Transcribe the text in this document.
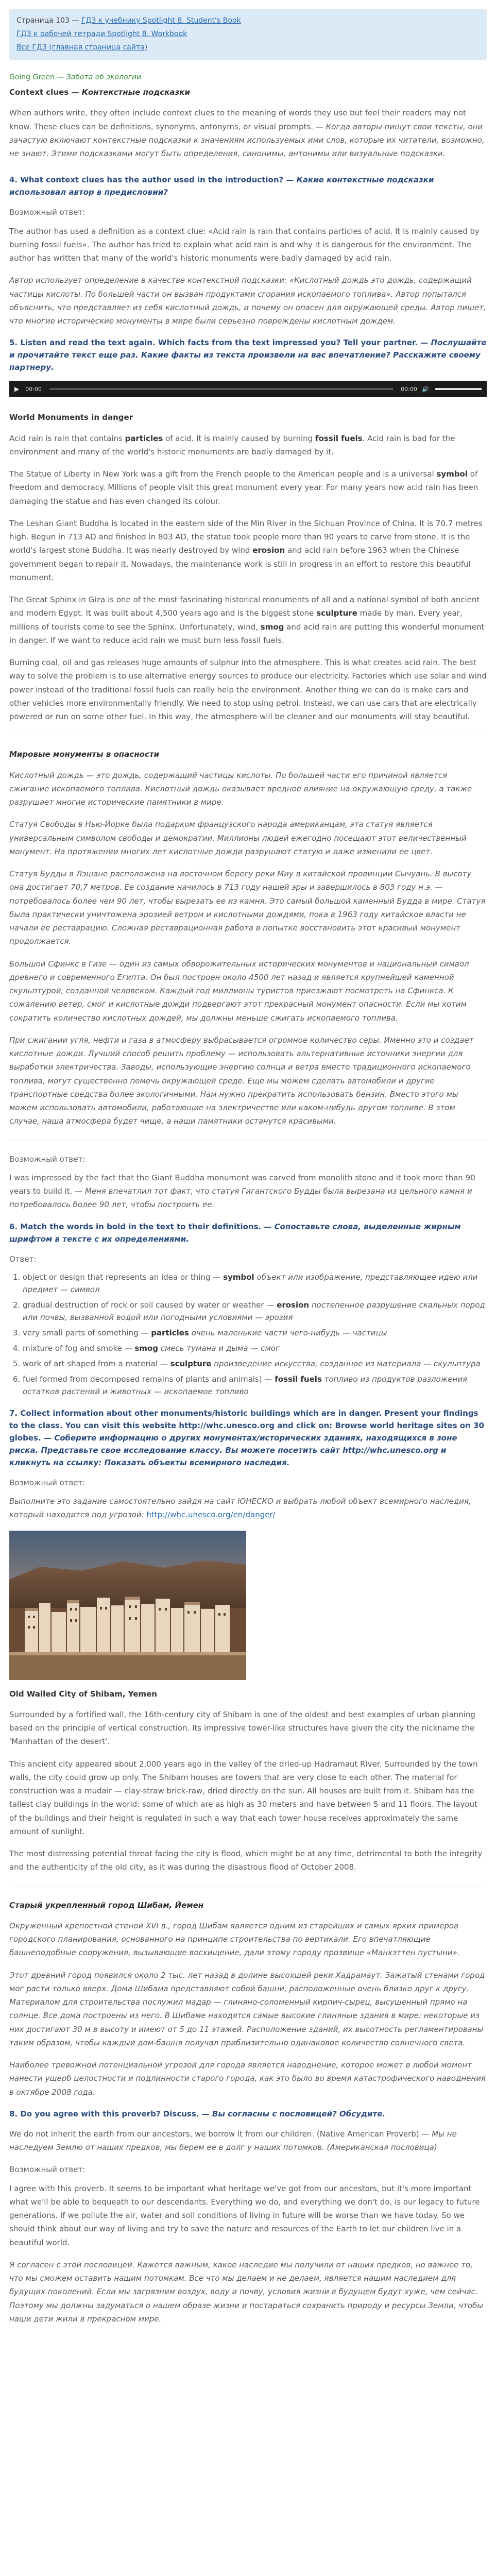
Страница 103 — ГДЗ к учебнику Spotlight 8. Student's Book
ГДЗ к рабочей тетради Spotlight 8. Workbook
Все ГДЗ (главная страница сайта)
Going Green — Забота об экологии
Context clues — Контекстные подсказки

When authors write, they often include context clues to the meaning of words they use but feel their readers may not know. These clues can be definitions, synonyms, antonyms, or visual prompts. — Когда авторы пишут свои тексты, они зачастую включают контекстные подсказки к значениям используемых ими слов, которые их читатели, возможно, не знают. Этими подсказками могут быть определения, синонимы, антонимы или визуальные подсказки.

4. What context clues has the author used in the introduction? — Какие контекстные подсказки использовал автор в предисловии?

Возможный ответ:

The author has used a definition as a context clue: «Acid rain is rain that contains particles of acid. It is mainly caused by burning fossil fuels». The author has tried to explain what acid rain is and why it is dangerous for the environment. The author has written that many of the world's historic monuments were badly damaged by acid rain.

Автор использует определение в качестве контекстной подсказки: «Кислотный дождь это дождь, содержащий частицы кислоты. По большей части он вызван продуктами сгорания ископаемого топлива». Автор попытался объяснить, что представляет из себя кислотный дождь, и почему он опасен для окружающей среды. Автор пишет, что многие исторические монументы в мире были серьезно повреждены кислотным дождем.

5. Listen and read the text again. Which facts from the text impressed you? Tell your partner. — Послушайте и прочитайте текст еще раз. Какие факты из текста произвели на вас впечатление? Расскажите своему партнеру.
▶	00:00	00:00 🔊
World Monuments in danger

Acid rain is rain that contains particles of acid. It is mainly caused by burning fossil fuels. Acid rain is bad for the environment and many of the world's historic monuments are badly damaged by it.

The Statue of Liberty in New York was a gift from the French people to the American people and is a universal symbol of freedom and democracy. Millions of people visit this great monument every year. For many years now acid rain has been damaging the statue and has even changed its colour.

The Leshan Giant Buddha is located in the eastern side of the Min River in the Sichuan Province of China. It is 70.7 metres high. Begun in 713 AD and finished in 803 AD, the statue took people more than 90 years to carve from stone. It is the world's largest stone Buddha. It was nearly destroyed by wind erosion and acid rain before 1963 when the Chinese government began to repair it. Nowadays, the maintenance work is still in progress in an effort to restore this beautiful monument.

The Great Sphinx in Giza is one of the most fascinating historical monuments of all and a national symbol of both ancient and modern Egypt. It was built about 4,500 years ago and is the biggest stone sculpture made by man. Every year, millions of tourists come to see the Sphinx. Unfortunately, wind, smog and acid rain are putting this wonderful monument in danger. If we want to reduce acid rain we must burn less fossil fuels.

Burning coal, oil and gas releases huge amounts of sulphur into the atmosphere. This is what creates acid rain. The best way to solve the problem is to use alternative energy sources to produce our electricity. Factories which use solar and wind power instead of the traditional fossil fuels can really help the environment. Another thing we can do is make cars and other vehicles more environmentally friendly. We need to stop using petrol. Instead, we can use cars that are electrically powered or run on some other fuel. In this way, the atmosphere will be cleaner and our monuments will stay beautiful.

Мировые монументы в опасности

Кислотный дождь — это дождь, содержащий частицы кислоты. По большей части его причиной является сжигание ископаемого топлива. Кислотный дождь оказывает вредное влияние на окружающую среду, а также разрушает многие исторические памятники в мире.

Статуя Свободы в Нью-Йорке была подарком французского народа американцам, эта статуя является универсальным символом свободы и демократии. Миллионы людей ежегодно посещают этот величественный монумент. На протяжении многих лет кислотные дожди разрушают статую и даже изменили ее цвет.

Статуя Будды в Лэшане расположена на восточном берегу реки Миу в китайской провинции Сычуань. В высоту она достигает 70,7 метров. Ее создание начилось в 713 году нашей эры и завершилось в 803 году н.э. — потребовалось более чем 90 лет, чтобы вырезать ее из камня. Это самый большой каменный Будда в мире. Статуя была практически уничтожена эрозией ветром и кислотными дождями, пока в 1963 году китайское власти не начали ее реставрацию. Сложная реставрационная работа в попытке восстановить этот красивый монумент продолжается.

Большой Сфинкс в Гизе — один из самых обворожительных исторических монументов и национальный символ древнего и современного Египта. Он был построен около 4500 лет назад и является крупнейшей каменной скульптурой, созданной человеком. Каждый год миллионы туристов приезжают посмотреть на Сфинкса. К сожалению ветер, смог и кислотные дожди подвергают этот прекрасный монумент опасности. Если мы хотим сократить количество кислотных дождей, мы должны меньше сжигать ископаемого топлива.

При сжигании угля, нефти и газа в атмосферу выбрасывается огромное количество серы. Именно это и создает кислотные дожди. Лучший способ решить проблему — использовать альтернативные источники энергии для выработки электричества. Заводы, использующие энергию солнца и ветра вместо традиционного ископаемого топлива, могут существенно помочь окружающей среде. Еще мы можем сделать автомобили и другие транспортные средства более экологичными. Нам нужно прекратить использовать бензин. Вместо этого мы можем использовать автомобили, работающие на электричестве или каком-нибудь другом топливе. В этом случае, наша атмосфера будет чище, а наши памятники останутся красивыми.

Возможный ответ:

I was impressed by the fact that the Giant Buddha monument was carved from monolith stone and it took more than 90 years to build it. — Меня впечатлил тот факт, что статуя Гигантского Будды была вырезана из цельного камня и потребовалось более 90 лет, чтобы построить ее.

6. Match the words in bold in the text to their definitions. — Сопоставьте слова, выделенные жирным шрифтом в тексте с их определениями.

Ответ:

1. object or design that represents an idea or thing — symbol объект или изображение, представляющее идею или предмет — символ
2. gradual destruction of rock or soil caused by water or weather — erosion постепенное разрушение скальных пород или почвы, вызванной водой или погодными условиями — эрозия
3. very small parts of something — particles очень маленькие части чего-нибудь — частицы
4. mixture of fog and smoke — smog смесь тумана и дыма — смог
5. work of art shaped from a material — sculpture произведение искусства, созданное из материала — скульптура
6. fuel formed from decomposed remains of plants and animals) — fossil fuels топливо из продуктов разложения остатков растений и животных — ископаемое топливо
7. Collect information about other monuments/historic buildings which are in danger. Present your findings to the class. You can visit this website http://whc.unesco.org and click on: Browse world heritage sites on 30 globes. — Соберите информацию о других монументах/исторических зданиях, находящихся в зоне риска. Представьте свое исследование классу. Вы можете посетить сайт http://whc.unesco.org и кликнуть на ссылку: Показать объекты всемирного наследия.

Возможный ответ:

Выполните это задание самостоятельно зайдя на сайт ЮНЕСКО и выбрать любой объект всемирного наследия, который находится под угрозой: http://whc.unesco.org/en/danger/

Old Walled City of Shibam, Yemen

Surrounded by a fortified wall, the 16th-century city of Shibam is one of the oldest and best examples of urban planning based on the principle of vertical construction. Its impressive tower-like structures have given the city the nickname the 'Manhattan of the desert'.

This ancient city appeared about 2,000 years ago in the valley of the dried-up Hadramaut River. Surrounded by the town walls, the city could grow up only. The Shibam houses are towers that are very close to each other. The material for construction was a mudair — clay-straw brick-raw, dried directly on the sun. All houses are built from it. Shibam has the tallest clay buildings in the world: some of which are as high as 30 meters and have between 5 and 11 floors. The layout of the buildings and their height is regulated in such a way that each tower house receives approximately the same amount of sunlight.

The most distressing potential threat facing the city is flood, which might be at any time, detrimental to both the integrity and the authenticity of the old city, as it was during the disastrous flood of October 2008.

Старый укрепленный город Шибам, Йемен

Окруженный крепостной стеной XVI в., город Шибам является одним из старейших и самых ярких примеров городского планирования, основанного на принципе строительства по вертикали. Его впечатляющие башнеподобные сооружения, вызывающие восхищение, дали этому городу прозвище «Манхэттен пустыни».

Этот древний город появился около 2 тыс. лет назад в долине высохшей реки Хадрамаут. Зажатый стенами город мог расти только вверх. Дома Шибама представляют собой башни, расположенные очень близко друг к другу. Материалом для строительства послужил мадар — глиняно-соломенный кирпич-сырец, высушенный прямо на солнце. Все дома построены из него. В Шибаме находятся самые высокие глиняные здания в мире: некоторые из них достигают 30 м в высоту и имеют от 5 до 11 этажей. Расположение зданий, их высотность регламентированы таким образом, чтобы каждый дом-башня получал приблизительно одинаковое количество солнечного света.

Наиболее тревожной потенциальной угрозой для города является наводнение, которое может в любой момент нанести ущерб целостности и подлинности старого города, как это было во время катастрофического наводнения в октябре 2008 года.

8. Do you agree with this proverb? Discuss. — Вы согласны с пословицей? Обсудите.

We do not inherit the earth from our ancestors, we borrow it from our children. (Native American Proverb) — Мы не наследуем Землю от наших предков, мы берем ее в долг у наших потомков. (Американская пословица)

Возможный ответ:

I agree with this proverb. It seems to be important what heritage we've got from our ancestors, but it's more important what we'll be able to bequeath to our descendants. Everything we do, and everything we don't do, is our legacy to future generations. If we pollute the air, water and soil conditions of living in future will be worse than we have today. So we should think about our way of living and try to save the nature and resources of the Earth to let our children live in a beautiful world.

Я согласен с этой пословицей. Кажется важным, какое наследие мы получили от наших предков, но важнее то, что мы сможем оставить нашим потомкам. Все что мы делаем и не делаем, является нашим наследием для будущих поколений. Если мы загрязним воздух, воду и почву, условия жизни в будущем будут хуже, чем сейчас. Поэтому мы должны задуматься о нашем образе жизни и постараться сохранить природу и ресурсы Земли, чтобы наши дети жили в прекрасном мире.
